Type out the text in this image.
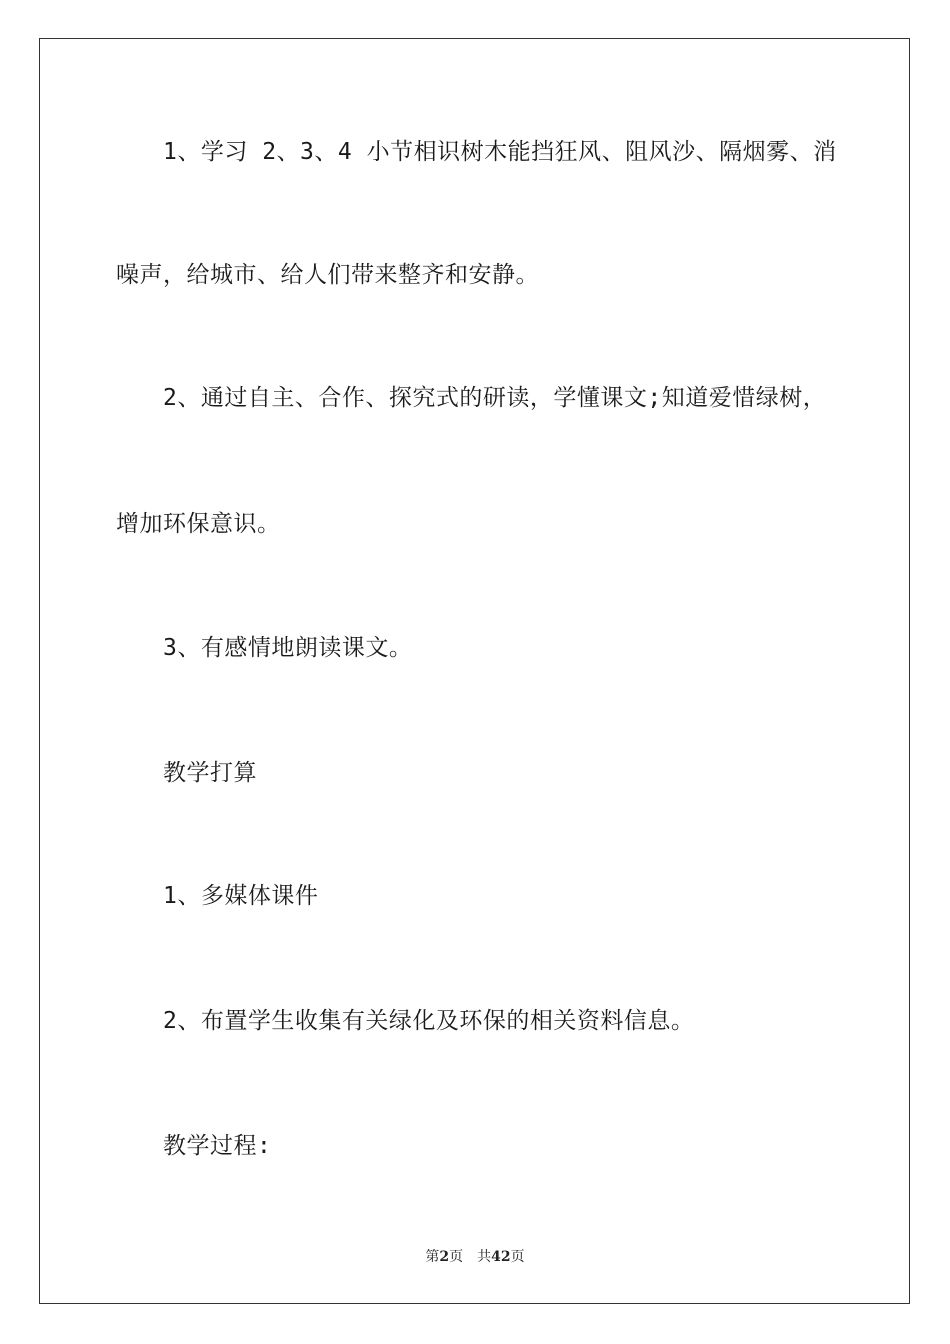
1、学习 2、3、4 小节相识树木能挡狂风、阻风沙、隔烟雾、消
噪声，给城市、给人们带来整齐和安静。
2、通过自主、合作、探究式的研读，学懂课文;知道爱惜绿树，
增加环保意识。
3、有感情地朗读课文。
教学打算
1、多媒体课件
2、布置学生收集有关绿化及环保的相关资料信息。
教学过程:
第2页 共42页
